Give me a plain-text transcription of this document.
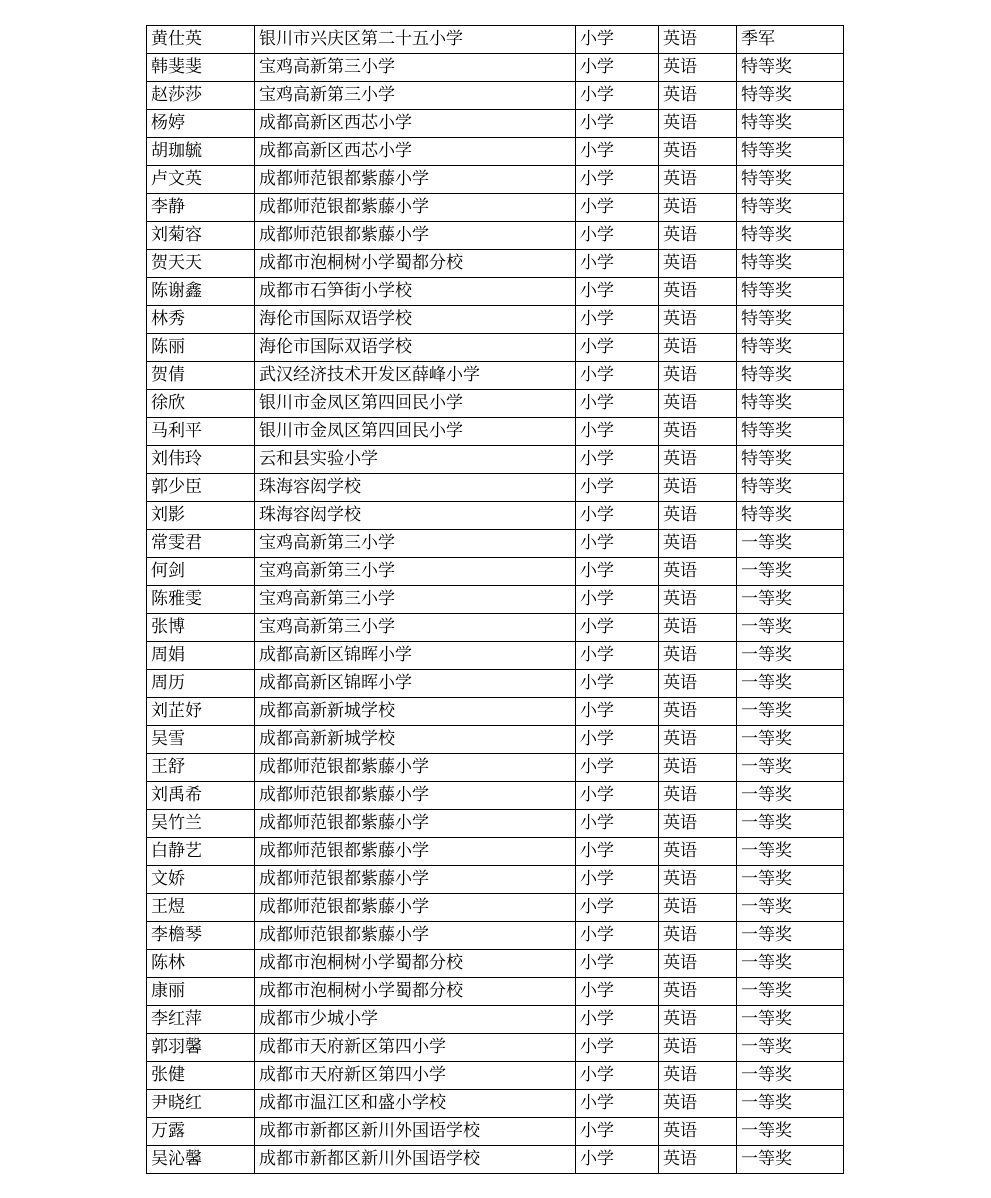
黄仕英	银川市兴庆区第二十五小学	小学	英语	季军
韩斐斐	宝鸡高新第三小学	小学	英语	特等奖
赵莎莎	宝鸡高新第三小学	小学	英语	特等奖
杨婷	成都高新区西芯小学	小学	英语	特等奖
胡珈毓	成都高新区西芯小学	小学	英语	特等奖
卢文英	成都师范银都紫藤小学	小学	英语	特等奖
李静	成都师范银都紫藤小学	小学	英语	特等奖
刘菊容	成都师范银都紫藤小学	小学	英语	特等奖
贺天天	成都市泡桐树小学蜀都分校	小学	英语	特等奖
陈谢鑫	成都市石笋街小学校	小学	英语	特等奖
林秀	海伦市国际双语学校	小学	英语	特等奖
陈丽	海伦市国际双语学校	小学	英语	特等奖
贺倩	武汉经济技术开发区薛峰小学	小学	英语	特等奖
徐欣	银川市金凤区第四回民小学	小学	英语	特等奖
马利平	银川市金凤区第四回民小学	小学	英语	特等奖
刘伟玲	云和县实验小学	小学	英语	特等奖
郭少臣	珠海容闳学校	小学	英语	特等奖
刘影	珠海容闳学校	小学	英语	特等奖
常雯君	宝鸡高新第三小学	小学	英语	一等奖
何剑	宝鸡高新第三小学	小学	英语	一等奖
陈雅雯	宝鸡高新第三小学	小学	英语	一等奖
张博	宝鸡高新第三小学	小学	英语	一等奖
周娟	成都高新区锦晖小学	小学	英语	一等奖
周历	成都高新区锦晖小学	小学	英语	一等奖
刘芷妤	成都高新新城学校	小学	英语	一等奖
吴雪	成都高新新城学校	小学	英语	一等奖
王舒	成都师范银都紫藤小学	小学	英语	一等奖
刘禹希	成都师范银都紫藤小学	小学	英语	一等奖
吴竹兰	成都师范银都紫藤小学	小学	英语	一等奖
白静艺	成都师范银都紫藤小学	小学	英语	一等奖
文娇	成都师范银都紫藤小学	小学	英语	一等奖
王煜	成都师范银都紫藤小学	小学	英语	一等奖
李檐琴	成都师范银都紫藤小学	小学	英语	一等奖
陈林	成都市泡桐树小学蜀都分校	小学	英语	一等奖
康丽	成都市泡桐树小学蜀都分校	小学	英语	一等奖
李红萍	成都市少城小学	小学	英语	一等奖
郭羽馨	成都市天府新区第四小学	小学	英语	一等奖
张健	成都市天府新区第四小学	小学	英语	一等奖
尹晓红	成都市温江区和盛小学校	小学	英语	一等奖
万露	成都市新都区新川外国语学校	小学	英语	一等奖
吴沁馨	成都市新都区新川外国语学校	小学	英语	一等奖
